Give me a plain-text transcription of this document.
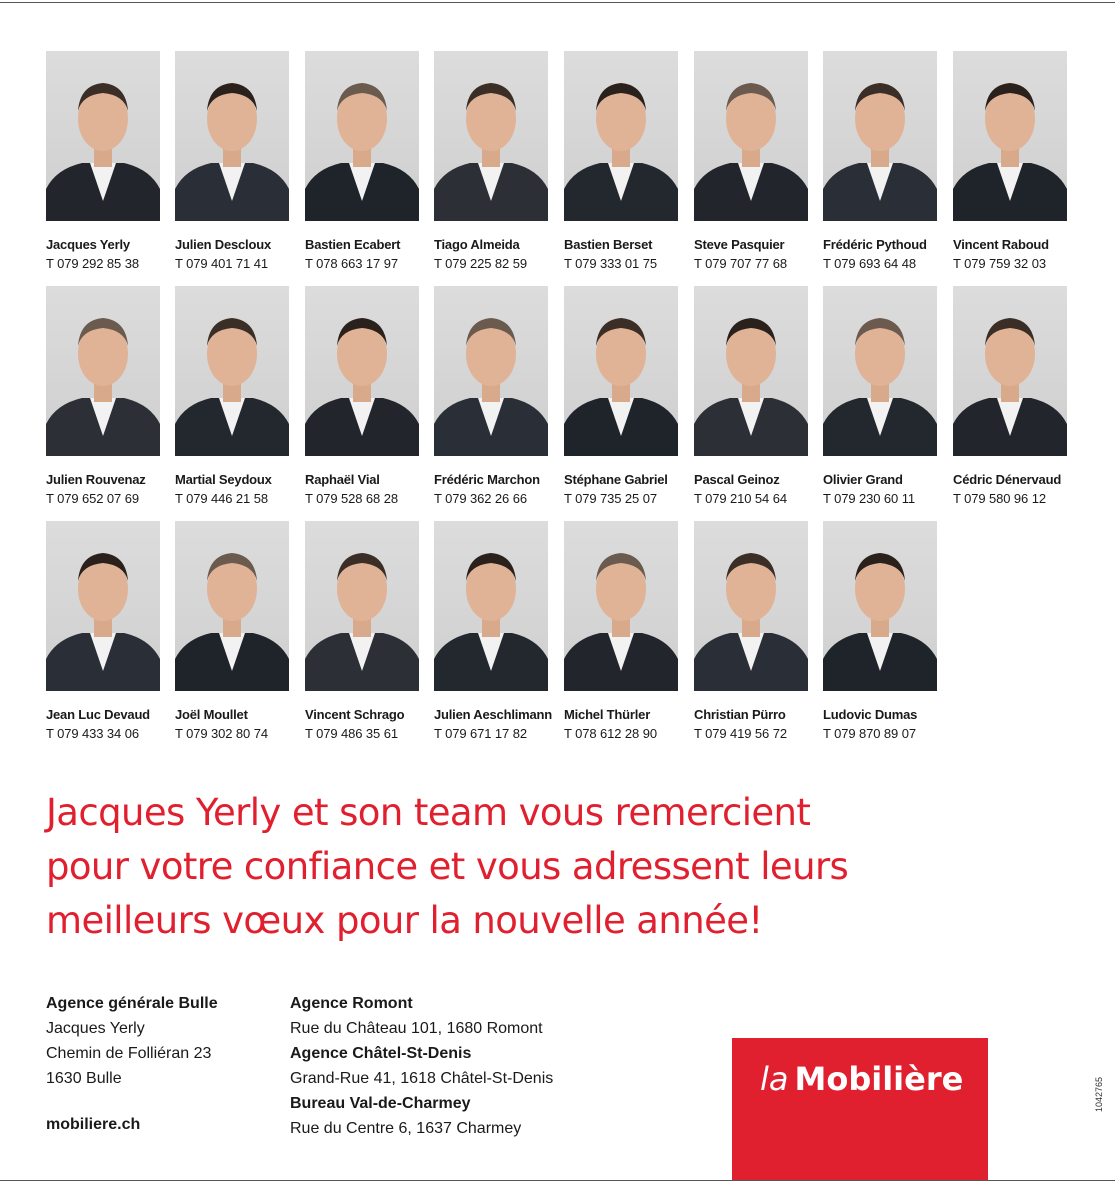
Jacques Yerly
T 079 292 85 38
Julien Descloux
T 079 401 71 41
Bastien Ecabert
T 078 663 17 97
Tiago Almeida
T 079 225 82 59
Bastien Berset
T 079 333 01 75
Steve Pasquier
T 079 707 77 68
Frédéric Pythoud
T 079 693 64 48
Vincent Raboud
T 079 759 32 03
Julien Rouvenaz
T 079 652 07 69
Martial Seydoux
T 079 446 21 58
Raphaël Vial
T 079 528 68 28
Frédéric Marchon
T 079 362 26 66
Stéphane Gabriel
T 079 735 25 07
Pascal Geinoz
T 079 210 54 64
Olivier Grand
T 079 230 60 11
Cédric Dénervaud
T 079 580 96 12
Jean Luc Devaud
T 079 433 34 06
Joël Moullet
T 079 302 80 74
Vincent Schrago
T 079 486 35 61
Julien Aeschlimann
T 079 671 17 82
Michel Thürler
T 078 612 28 90
Christian Pürro
T 079 419 56 72
Ludovic Dumas
T 079 870 89 07
Jacques Yerly et son team vous remercient
pour votre confiance et vous adressent leurs
meilleurs vœux pour la nouvelle année!
Agence générale Bulle
Jacques Yerly
Chemin de Folliéran 23
1630 Bulle
mobiliere.ch
Agence Romont
Rue du Château 101, 1680 Romont
Agence Châtel-St-Denis
Grand-Rue 41, 1618 Châtel-St-Denis
Bureau Val-de-Charmey
Rue du Centre 6, 1637 Charmey
la Mobilière	1042765
